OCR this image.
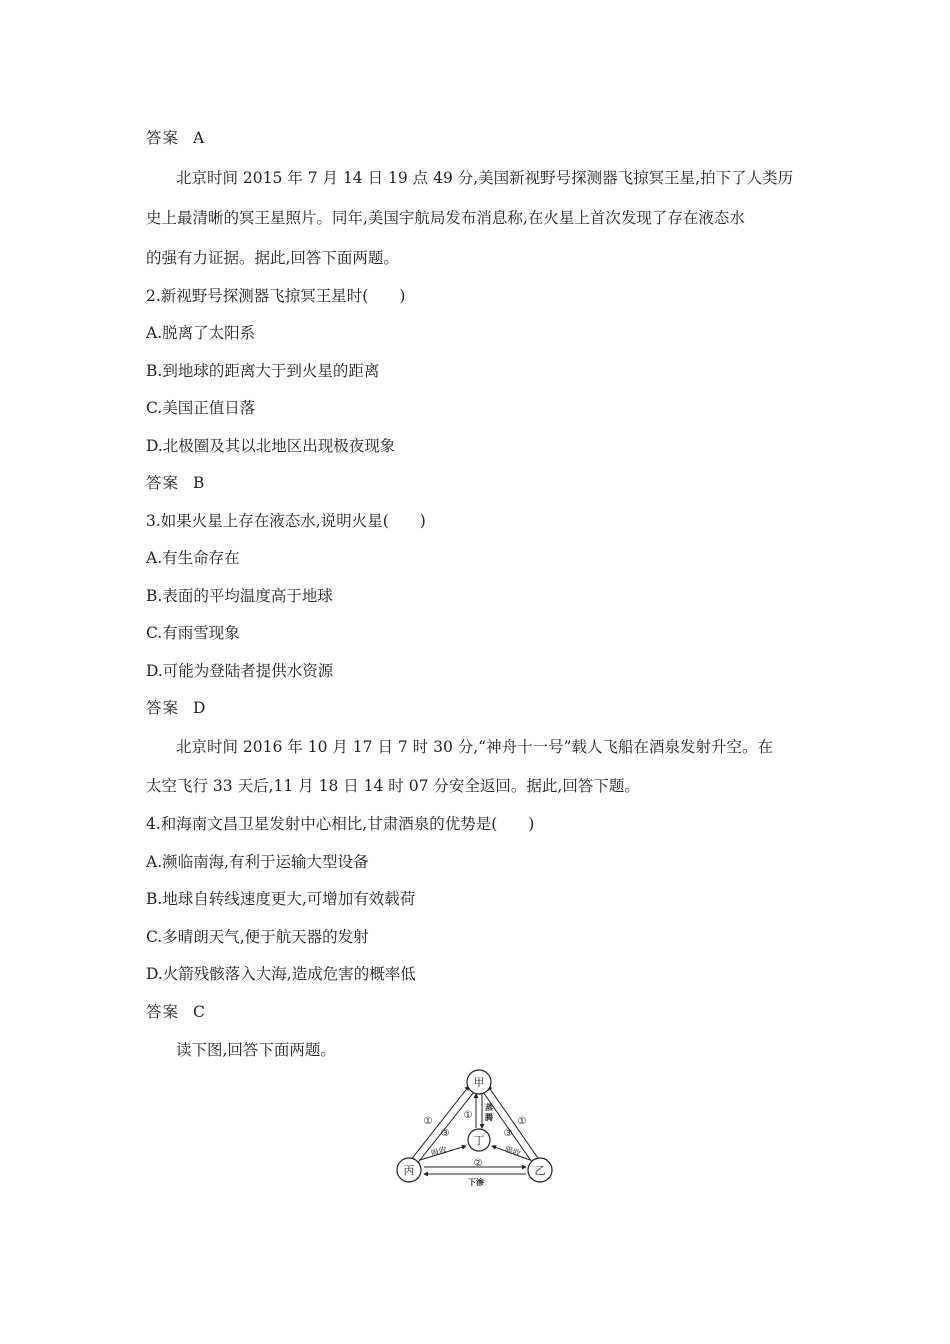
答案 A
北京时间 2015 年 7 月 14 日 19 点 49 分,美国新视野号探测器飞掠冥王星,拍下了人类历
史上最清晰的冥王星照片。同年,美国宇航局发布消息称,在火星上首次发现了存在液态水
的强有力证据。据此,回答下面两题。
2.新视野号探测器飞掠冥王星时(　　)
A.脱离了太阳系
B.到地球的距离大于到火星的距离
C.美国正值日落
D.北极圈及其以北地区出现极夜现象
答案 B
3.如果火星上存在液态水,说明火星(　　)
A.有生命存在
B.表面的平均温度高于地球
C.有雨雪现象
D.可能为登陆者提供水资源
答案 D
北京时间 2016 年 10 月 17 日 7 时 30 分,“神舟十一号”载人飞船在酒泉发射升空。在
太空飞行 33 天后,11 月 18 日 14 时 07 分安全返回。据此,回答下题。
4.和海南文昌卫星发射中心相比,甘肃酒泉的优势是(　　)
A.濒临南海,有利于运输大型设备
B.地球自转线速度更大,可增加有效载荷
C.多晴朗天气,便于航天器的发射
D.火箭残骸落入大海,造成危害的概率低
答案 C
读下图,回答下面两题。
甲
乙
丙
丁
①	①
①
③	③
②
蒸
腾
吸收	吸收
下渗
